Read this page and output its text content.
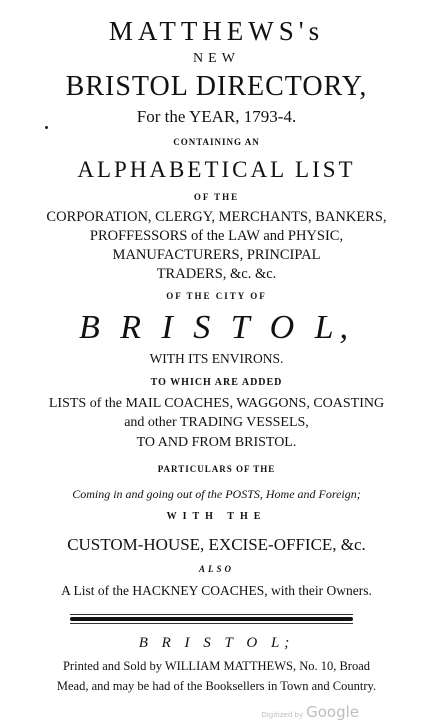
MATTHEWS's
NEW
BRISTOL DIRECTORY,
For the YEAR, 1793-4.
CONTAINING AN
ALPHABETICAL LIST
OF THE
CORPORATION, CLERGY, MERCHANTS, BANKERS,
PROFFESSORS of the LAW and PHYSIC,
MANUFACTURERS, PRINCIPAL
TRADERS, &c. &c.
OF THE CITY OF
B R I S T O L,
WITH ITS ENVIRONS.
TO WHICH ARE ADDED
LISTS of the MAIL COACHES, WAGGONS, COASTING
and other TRADING VESSELS,
TO AND FROM BRISTOL.
PARTICULARS OF THE
Coming in and going out of the POSTS, Home and Foreign;
WITH THE
CUSTOM-HOUSE, EXCISE-OFFICE, &c.
ALSO
A List of the HACKNEY COACHES, with their Owners.
B R I S T O L;
Printed and Sold by WILLIAM MATTHEWS, No. 10, Broad
Mead, and may be had of the Booksellers in Town and Country.
Digitized by Google
